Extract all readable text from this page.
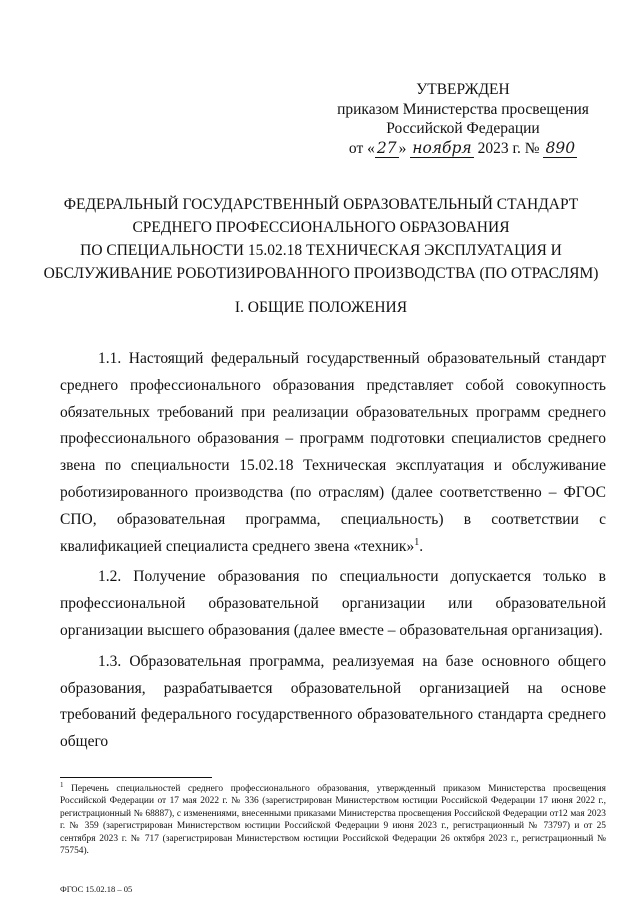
УТВЕРЖДЕН
приказом Министерства просвещения
Российской Федерации
от « 27 » ноября 2023 г. № 890
ФЕДЕРАЛЬНЫЙ ГОСУДАРСТВЕННЫЙ ОБРАЗОВАТЕЛЬНЫЙ СТАНДАРТ
СРЕДНЕГО ПРОФЕССИОНАЛЬНОГО ОБРАЗОВАНИЯ
ПО СПЕЦИАЛЬНОСТИ 15.02.18 ТЕХНИЧЕСКАЯ ЭКСПЛУАТАЦИЯ И
ОБСЛУЖИВАНИЕ РОБОТИЗИРОВАННОГО ПРОИЗВОДСТВА (ПО ОТРАСЛЯМ)
I. ОБЩИЕ ПОЛОЖЕНИЯ

1.1. Настоящий федеральный государственный образовательный стандарт среднего профессионального образования представляет собой совокупность обязательных требований при реализации образовательных программ среднего профессионального образования – программ подготовки специалистов среднего звена по специальности 15.02.18 Техническая эксплуатация и обслуживание роботизированного производства (по отраслям) (далее соответственно – ФГОС СПО, образовательная программа, специальность) в соответствии с квалификацией специалиста среднего звена «техник»$^1$.

1.2. Получение образования по специальности допускается только в профессиональной образовательной организации или образовательной организации высшего образования (далее вместе – образовательная организация).

1.3. Образовательная программа, реализуемая на базе основного общего образования, разрабатывается образовательной организацией на основе требований федерального государственного образовательного стандарта среднего общего

$^1$ Перечень специальностей среднего профессионального образования, утвержденный приказом Министерства просвещения Российской Федерации от 17 мая 2022 г. № 336 (зарегистрирован Министерством юстиции Российской Федерации 17 июня 2022 г., регистрационный № 68887), с изменениями, внесенными приказами Министерства просвещения Российской Федерации от12 мая 2023 г. № 359 (зарегистрирован Министерством юстиции Российской Федерации 9 июня 2023 г., регистрационный № 73797) и от 25 сентября 2023 г. № 717 (зарегистрирован Министерством юстиции Российской Федерации 26 октября 2023 г., регистрационный № 75754).
ФГОС 15.02.18 – 05
